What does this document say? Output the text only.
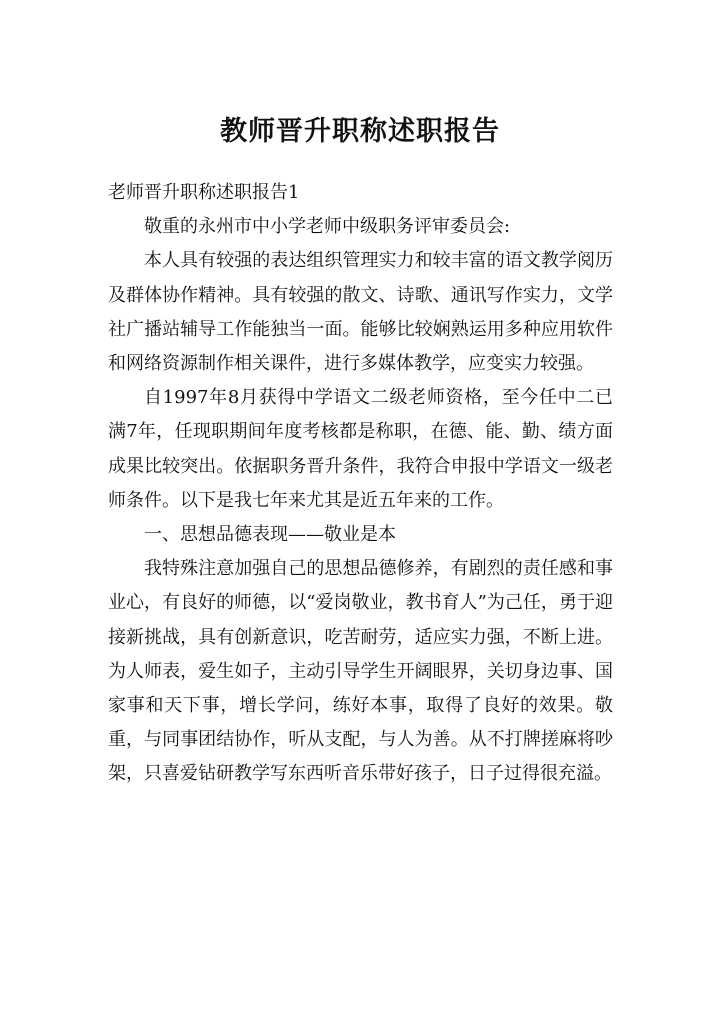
教师晋升职称述职报告

老师晋升职称述职报告1

敬重的永州市中小学老师中级职务评审委员会:

本人具有较强的表达组织管理实力和较丰富的语文教学阅历及群体协作精神。具有较强的散文、诗歌、通讯写作实力，文学社广播站辅导工作能独当一面。能够比较娴熟运用多种应用软件和网络资源制作相关课件，进行多媒体教学，应变实力较强。

自1997年8月获得中学语文二级老师资格，至今任中二已满7年，任现职期间年度考核都是称职，在德、能、勤、绩方面成果比较突出。依据职务晋升条件，我符合申报中学语文一级老师条件。以下是我七年来尤其是近五年来的工作。

一、思想品德表现——敬业是本

我特殊注意加强自己的思想品德修养，有剧烈的责任感和事业心，有良好的师德，以“爱岗敬业，教书育人”为己任，勇于迎接新挑战，具有创新意识，吃苦耐劳，适应实力强，不断上进。为人师表，爱生如子，主动引导学生开阔眼界，关切身边事、国家事和天下事，增长学问，练好本事，取得了良好的效果。敬重，与同事团结协作，听从支配，与人为善。从不打牌搓麻将吵架，只喜爱钻研教学写东西听音乐带好孩子，日子过得很充溢。
